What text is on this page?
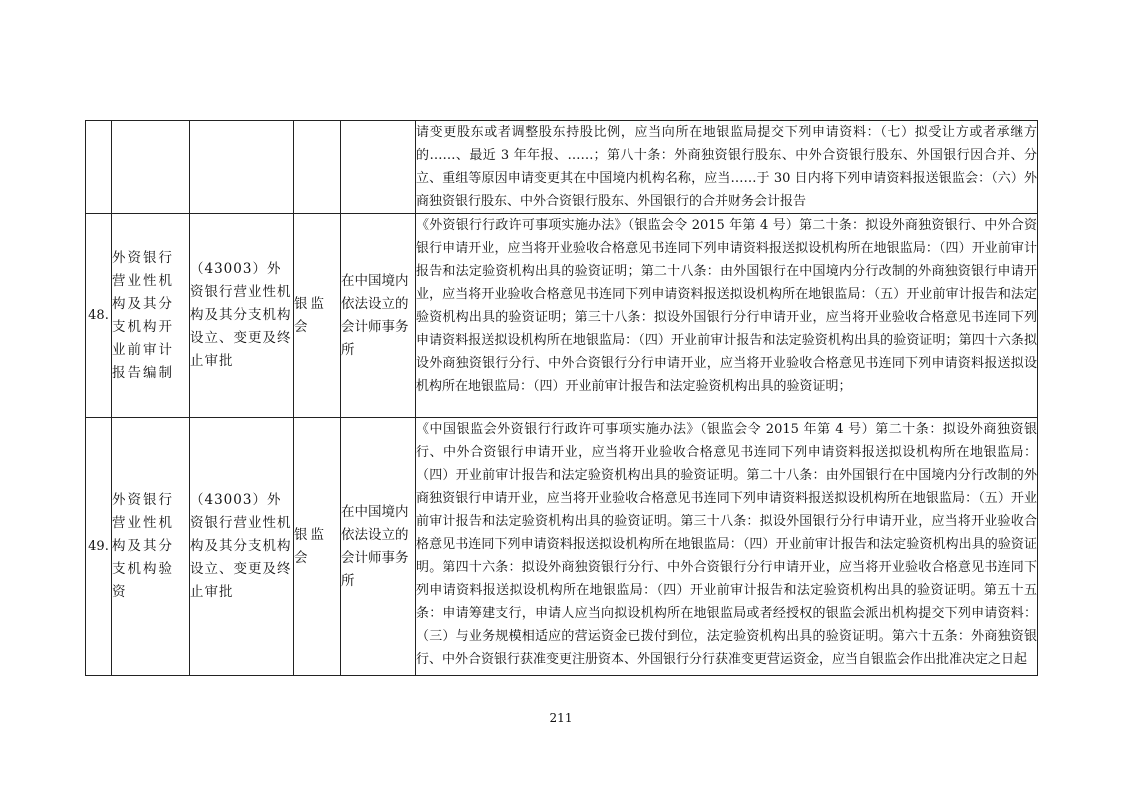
					请变更股东或者调整股东持股比例，应当向所在地银监局提交下列申请资料：（七）拟受让方或者承继方的……、最近 3 年年报、……；第八十条：外商独资银行股东、中外合资银行股东、外国银行因合并、分立、重组等原因申请变更其在中国境内机构名称，应当……于 30 日内将下列申请资料报送银监会：（六）外商独资银行股东、中外合资银行股东、外国银行的合并财务会计报告
48.	外资银行营业性机构及其分支机构开业前审计报告编制	（43003）外资银行营业性机构及其分支机构设立、变更及终止审批	银监会	在中国境内依法设立的会计师事务所	《外资银行行政许可事项实施办法》（银监会令 2015 年第 4 号）第二十条：拟设外商独资银行、中外合资银行申请开业，应当将开业验收合格意见书连同下列申请资料报送拟设机构所在地银监局：（四）开业前审计报告和法定验资机构出具的验资证明；第二十八条：由外国银行在中国境内分行改制的外商独资银行申请开业，应当将开业验收合格意见书连同下列申请资料报送拟设机构所在地银监局：（五）开业前审计报告和法定验资机构出具的验资证明；第三十八条：拟设外国银行分行申请开业，应当将开业验收合格意见书连同下列申请资料报送拟设机构所在地银监局：（四）开业前审计报告和法定验资机构出具的验资证明；第四十六条拟设外商独资银行分行、中外合资银行分行申请开业，应当将开业验收合格意见书连同下列申请资料报送拟设机构所在地银监局：（四）开业前审计报告和法定验资机构出具的验资证明；
49.	外资银行营业性机构及其分支机构验资	（43003）外资银行营业性机构及其分支机构设立、变更及终止审批	银监会	在中国境内依法设立的会计师事务所	《中国银监会外资银行行政许可事项实施办法》（银监会令 2015 年第 4 号）第二十条：拟设外商独资银行、中外合资银行申请开业，应当将开业验收合格意见书连同下列申请资料报送拟设机构所在地银监局：（四）开业前审计报告和法定验资机构出具的验资证明。第二十八条：由外国银行在中国境内分行改制的外商独资银行申请开业，应当将开业验收合格意见书连同下列申请资料报送拟设机构所在地银监局：（五）开业前审计报告和法定验资机构出具的验资证明。第三十八条：拟设外国银行分行申请开业，应当将开业验收合格意见书连同下列申请资料报送拟设机构所在地银监局：（四）开业前审计报告和法定验资机构出具的验资证明。第四十六条：拟设外商独资银行分行、中外合资银行分行申请开业，应当将开业验收合格意见书连同下列申请资料报送拟设机构所在地银监局：（四）开业前审计报告和法定验资机构出具的验资证明。第五十五条：申请筹建支行，申请人应当向拟设机构所在地银监局或者经授权的银监会派出机构提交下列申请资料：（三）与业务规模相适应的营运资金已拨付到位，法定验资机构出具的验资证明。第六十五条：外商独资银行、中外合资银行获准变更注册资本、外国银行分行获准变更营运资金，应当自银监会作出批准决定之日起
211
